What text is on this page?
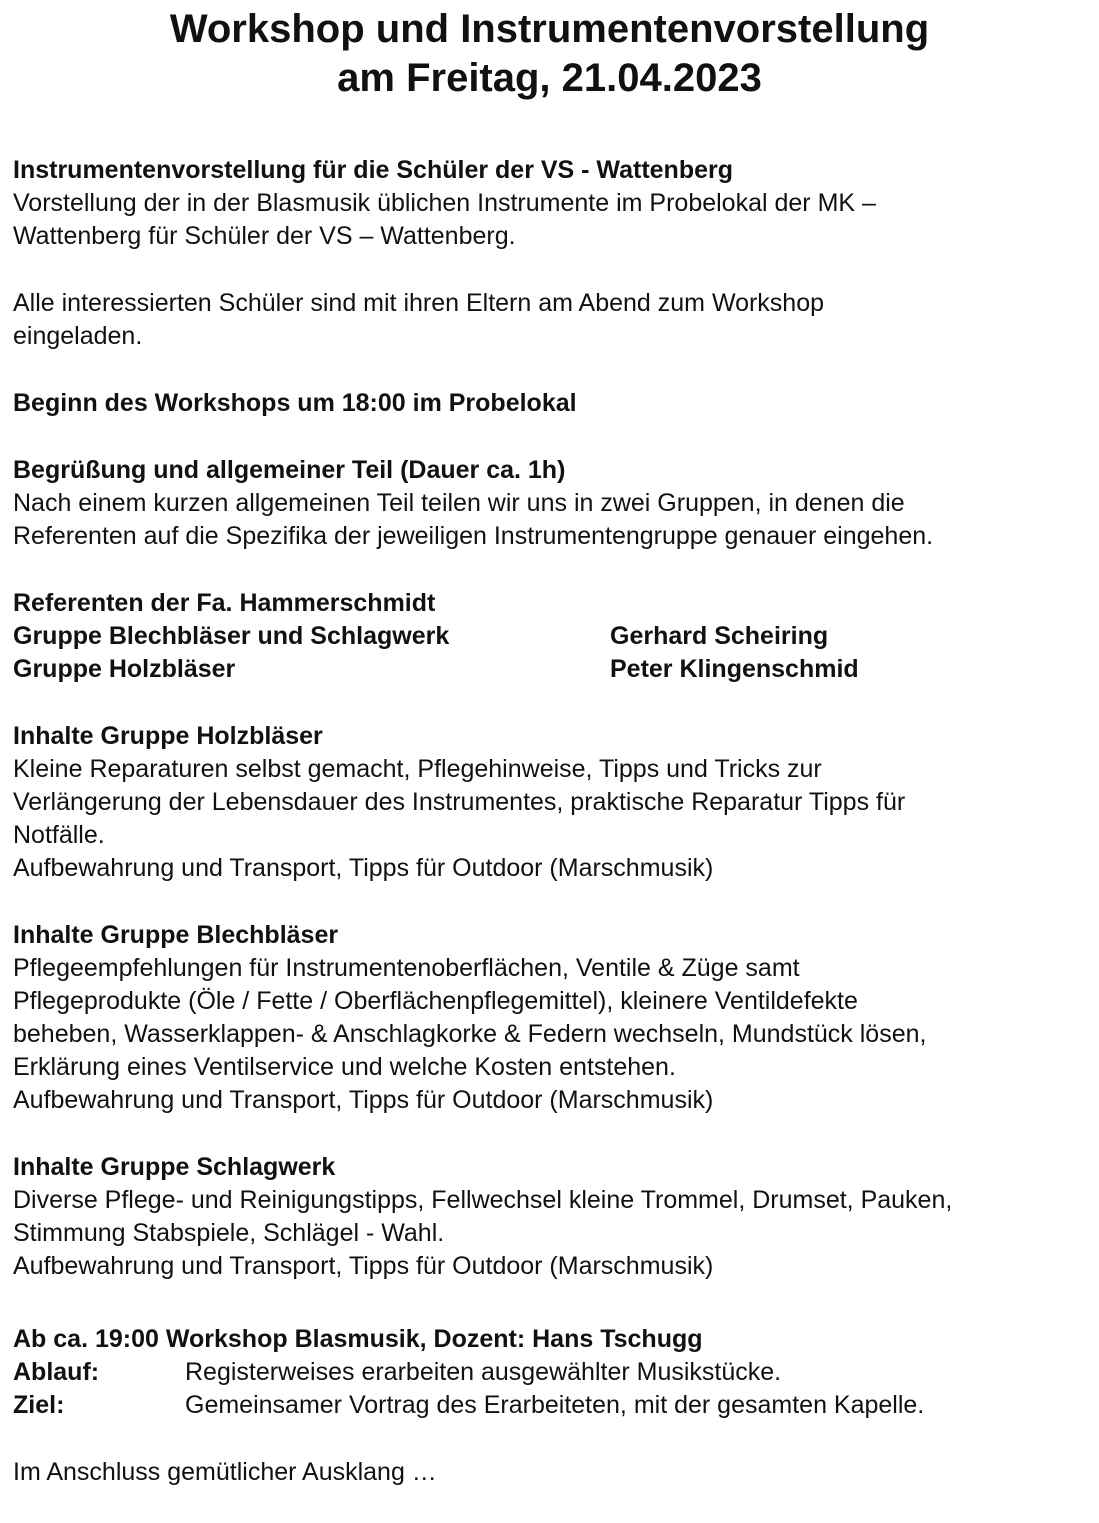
Workshop und Instrumentenvorstellung
am Freitag, 21.04.2023

Instrumentenvorstellung für die Schüler der VS - Wattenberg

Vorstellung der in der Blasmusik üblichen Instrumente im Probelokal der MK –

Wattenberg für Schüler der VS – Wattenberg.

Alle interessierten Schüler sind mit ihren Eltern am Abend zum Workshop

eingeladen.

Beginn des Workshops um 18:00 im Probelokal

Begrüßung und allgemeiner Teil (Dauer ca. 1h)

Nach einem kurzen allgemeinen Teil teilen wir uns in zwei Gruppen, in denen die

Referenten auf die Spezifika der jeweiligen Instrumentengruppe genauer eingehen.

Referenten der Fa. Hammerschmidt

Gruppe Blechbläser und Schlagwerk	Gerhard Scheiring
Gruppe Holzbläser	Peter Klingenschmid

Inhalte Gruppe Holzbläser

Kleine Reparaturen selbst gemacht, Pflegehinweise, Tipps und Tricks zur

Verlängerung der Lebensdauer des Instrumentes, praktische Reparatur Tipps für

Notfälle.

Aufbewahrung und Transport, Tipps für Outdoor (Marschmusik)

Inhalte Gruppe Blechbläser

Pflegeempfehlungen für Instrumentenoberflächen, Ventile & Züge samt

Pflegeprodukte (Öle / Fette / Oberflächenpflegemittel), kleinere Ventildefekte

beheben, Wasserklappen- & Anschlagkorke & Federn wechseln, Mundstück lösen,

Erklärung eines Ventilservice und welche Kosten entstehen.

Aufbewahrung und Transport, Tipps für Outdoor (Marschmusik)

Inhalte Gruppe Schlagwerk

Diverse Pflege- und Reinigungstipps, Fellwechsel kleine Trommel, Drumset, Pauken,

Stimmung Stabspiele, Schlägel - Wahl.

Aufbewahrung und Transport, Tipps für Outdoor (Marschmusik)

Ab ca. 19:00 Workshop Blasmusik, Dozent: Hans Tschugg

Ablauf:	Registerweises erarbeiten ausgewählter Musikstücke.
Ziel:	Gemeinsamer Vortrag des Erarbeiteten, mit der gesamten Kapelle.

Im Anschluss gemütlicher Ausklang …
